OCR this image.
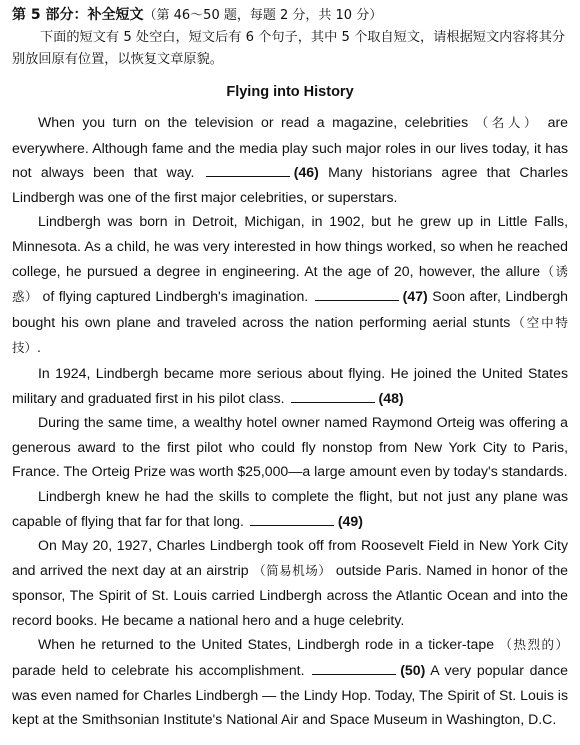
第 5 部分：补全短文（第 46～50 题，每题 2 分，共 10 分）

下面的短文有 5 处空白，短文后有 6 个句子，其中 5 个取自短文，请根据短文内容将其分别放回原有位置，以恢复文章原貌。

Flying into History

When you turn on the television or read a magazine, celebrities （名人） are everywhere. Although fame and the media play such major roles in our lives today, it has not always been that way.	(46) Many historians agree that Charles Lindbergh was one of the first major celebrities, or superstars.

Lindbergh was born in Detroit, Michigan, in 1902, but he grew up in Little Falls, Minnesota. As a child, he was very interested in how things worked, so when he reached college, he pursued a degree in engineering. At the age of 20, however, the allure（诱惑） of flying captured Lindbergh's imagination.	(47) Soon after, Lindbergh bought his own plane and traveled across the nation performing aerial stunts（空中特技）.

In 1924, Lindbergh became more serious about flying. He joined the United States military and graduated first in his pilot class.	(48)

During the same time, a wealthy hotel owner named Raymond Orteig was offering a generous award to the first pilot who could fly nonstop from New York City to Paris, France. The Orteig Prize was worth $25,000—a large amount even by today's standards.

Lindbergh knew he had the skills to complete the flight, but not just any plane was capable of flying that far for that long.	(49)

On May 20, 1927, Charles Lindbergh took off from Roosevelt Field in New York City and arrived the next day at an airstrip （简易机场） outside Paris. Named in honor of the sponsor, The Spirit of St. Louis carried Lindbergh across the Atlantic Ocean and into the record books. He became a national hero and a huge celebrity.

When he returned to the United States, Lindbergh rode in a ticker-tape （热烈的） parade held to celebrate his accomplishment.	(50) A very popular dance was even named for Charles Lindbergh — the Lindy Hop. Today, The Spirit of St. Louis is kept at the Smithsonian Institute's National Air and Space Museum in Washington, D.C.
